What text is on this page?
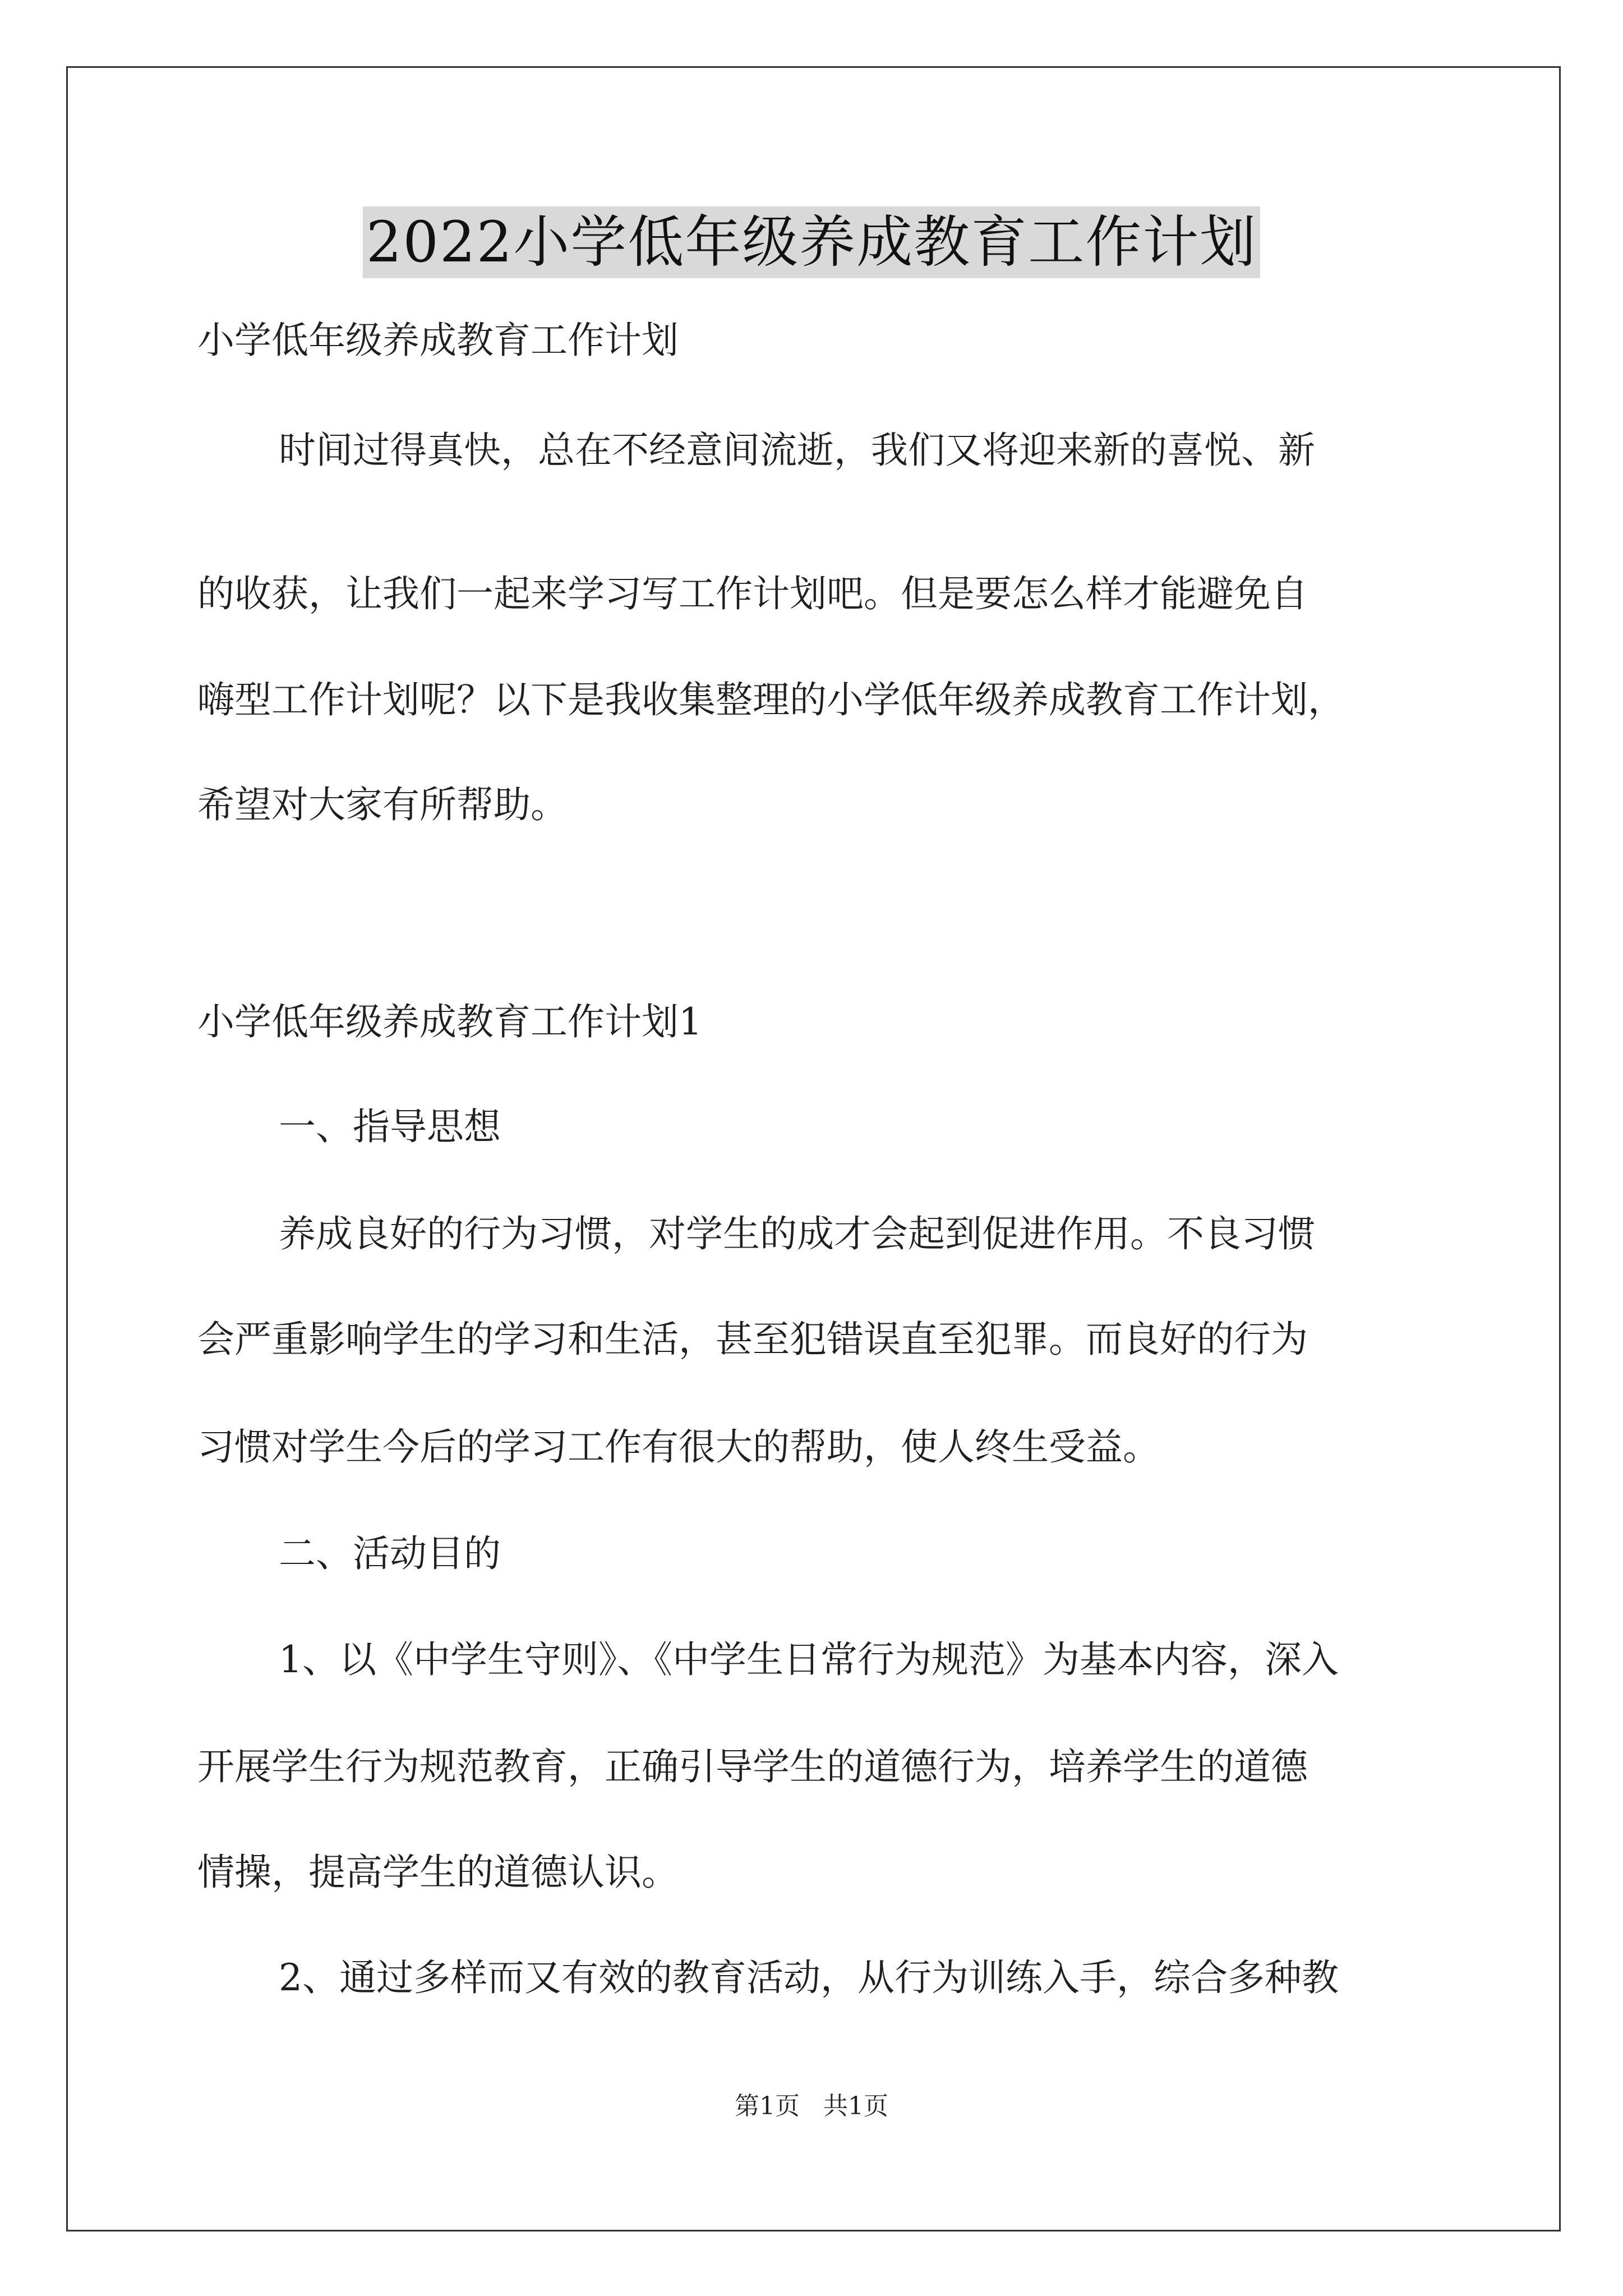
2022小学低年级养成教育工作计划
小学低年级养成教育工作计划
时间过得真快，总在不经意间流逝，我们又将迎来新的喜悦、新
的收获，让我们一起来学习写工作计划吧。但是要怎么样才能避免自
嗨型工作计划呢？以下是我收集整理的小学低年级养成教育工作计划，
希望对大家有所帮助。
小学低年级养成教育工作计划1
一、指导思想
养成良好的行为习惯，对学生的成才会起到促进作用。不良习惯
会严重影响学生的学习和生活，甚至犯错误直至犯罪。而良好的行为
习惯对学生今后的学习工作有很大的帮助，使人终生受益。
二、活动目的
1、以《中学生守则》、《中学生日常行为规范》为基本内容，深入
开展学生行为规范教育，正确引导学生的道德行为，培养学生的道德
情操，提高学生的道德认识。
2、通过多样而又有效的教育活动，从行为训练入手，综合多种教
第1页   共1页
